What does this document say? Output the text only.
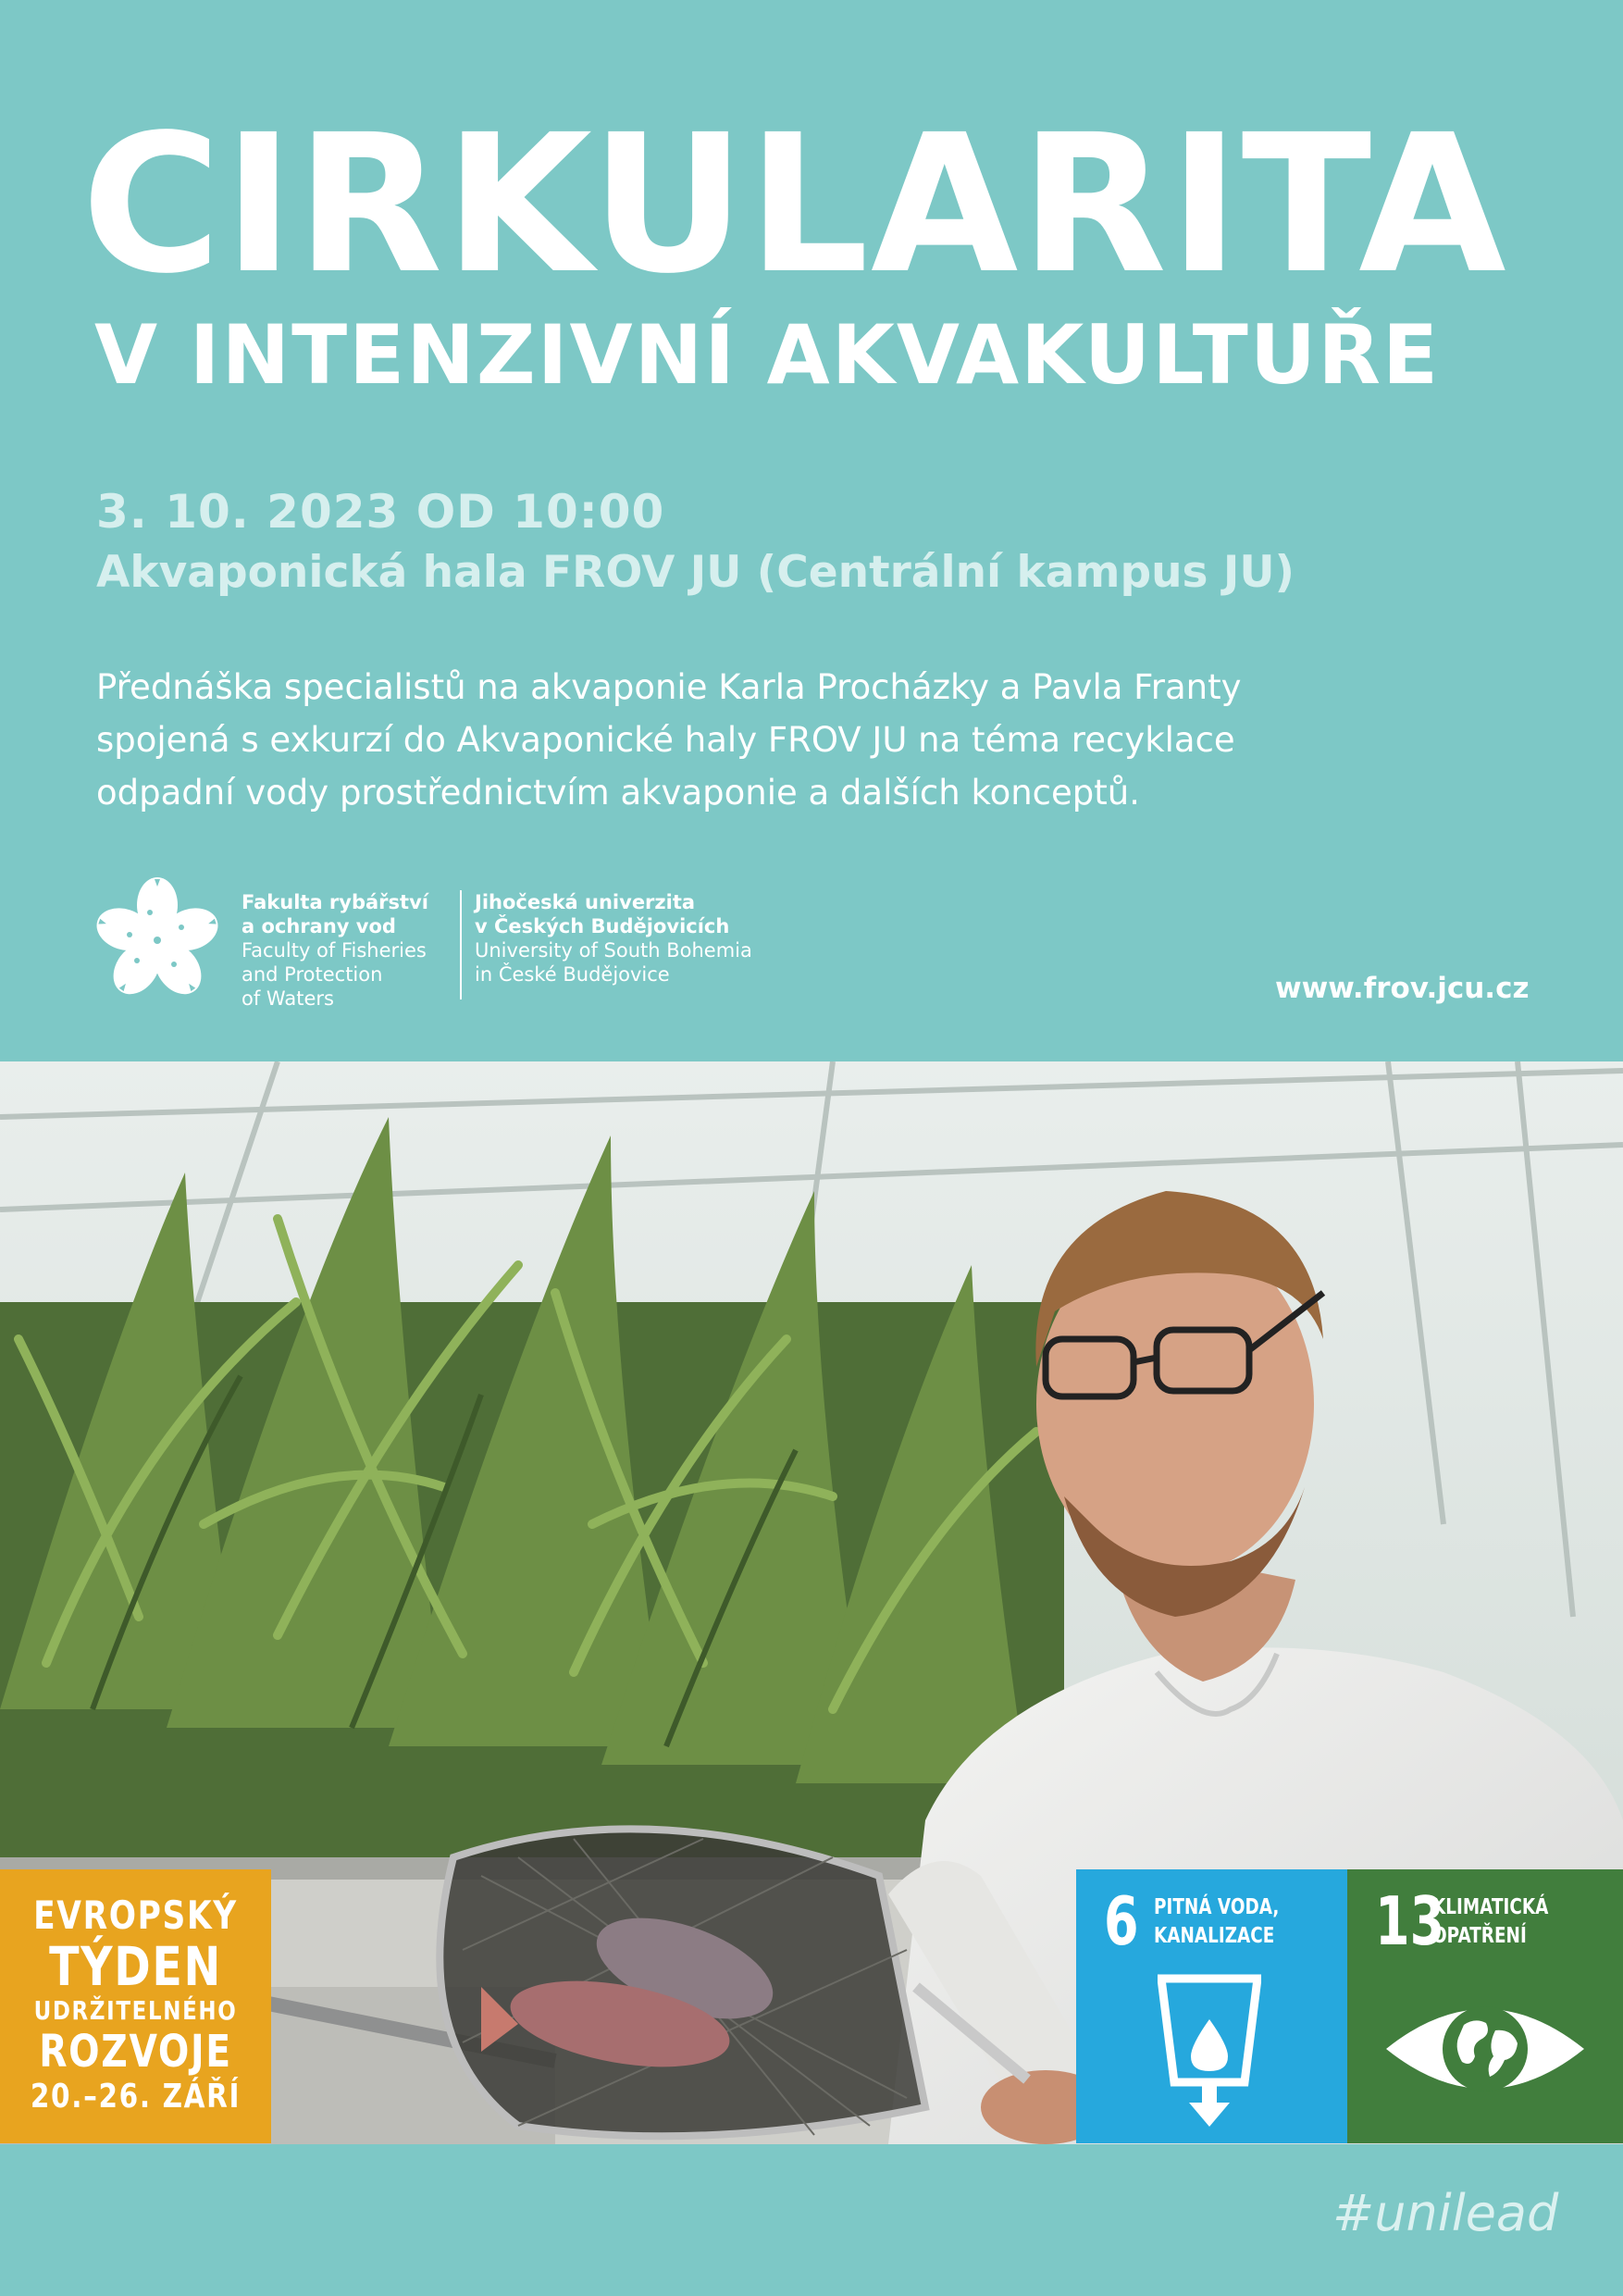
CIRKULARITA
V INTENZIVNÍ AKVAKULTUŘE
3. 10. 2023 OD 10:00
Akvaponická hala FROV JU (Centrální kampus JU)
Přednáška specialistů na akvaponie Karla Procházky a Pavla Franty
spojená s exkurzí do Akvaponické haly FROV JU na téma recyklace
odpadní vody prostřednictvím akvaponie a dalších konceptů.
Fakulta rybářství
a ochrany vod
Faculty of Fisheries
and Protection
of Waters
Jihočeská univerzita
v Českých Budějovicích
University of South Bohemia
in České Budějovice	www.frov.jcu.cz
EVROPSKÝ
TÝDEN
UDRŽITELNÉHO
ROZVOJE
20.–26. ZÁŘÍ
6 PITNÁ VODA,
KANALIZACE 13
KLIMATICKÁ
OPATŘENÍ
#unilead
